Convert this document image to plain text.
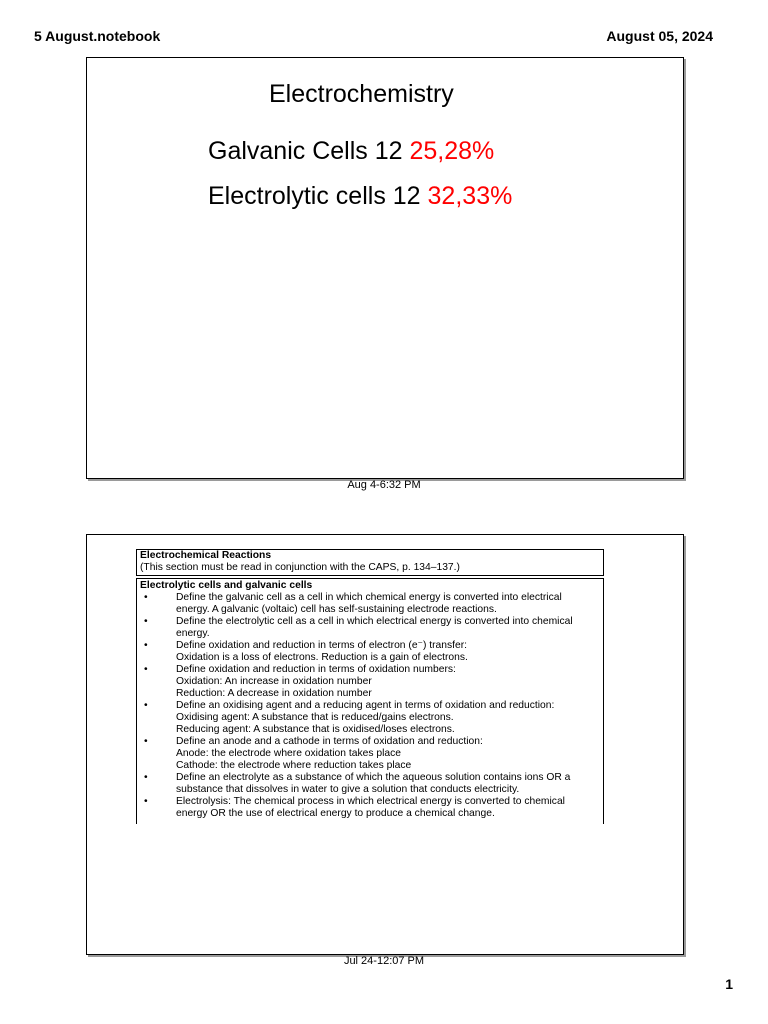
5 August.notebook	August 05, 2024
Electrochemistry
Galvanic Cells 12 25,28%
Electrolytic cells 12 32,33%
Aug 4-6:32 PM
Electrochemical Reactions
(This section must be read in conjunction with the CAPS, p. 134–137.)
Electrolytic cells and galvanic cells
•	Define the galvanic cell as a cell in which chemical energy is converted into electrical
energy. A galvanic (voltaic) cell has self-sustaining electrode reactions.
•	Define the electrolytic cell as a cell in which electrical energy is converted into chemical
energy.
•	Define oxidation and reduction in terms of electron (e⁻) transfer:
Oxidation is a loss of electrons. Reduction is a gain of electrons.
•	Define oxidation and reduction in terms of oxidation numbers:
Oxidation: An increase in oxidation number
Reduction: A decrease in oxidation number
•	Define an oxidising agent and a reducing agent in terms of oxidation and reduction:
Oxidising agent: A substance that is reduced/gains electrons.
Reducing agent: A substance that is oxidised/loses electrons.
•	Define an anode and a cathode in terms of oxidation and reduction:
Anode: the electrode where oxidation takes place
Cathode: the electrode where reduction takes place
•	Define an electrolyte as a substance of which the aqueous solution contains ions OR a
substance that dissolves in water to give a solution that conducts electricity.
•	Electrolysis: The chemical process in which electrical energy is converted to chemical
energy OR the use of electrical energy to produce a chemical change.
Jul 24-12:07 PM
1
